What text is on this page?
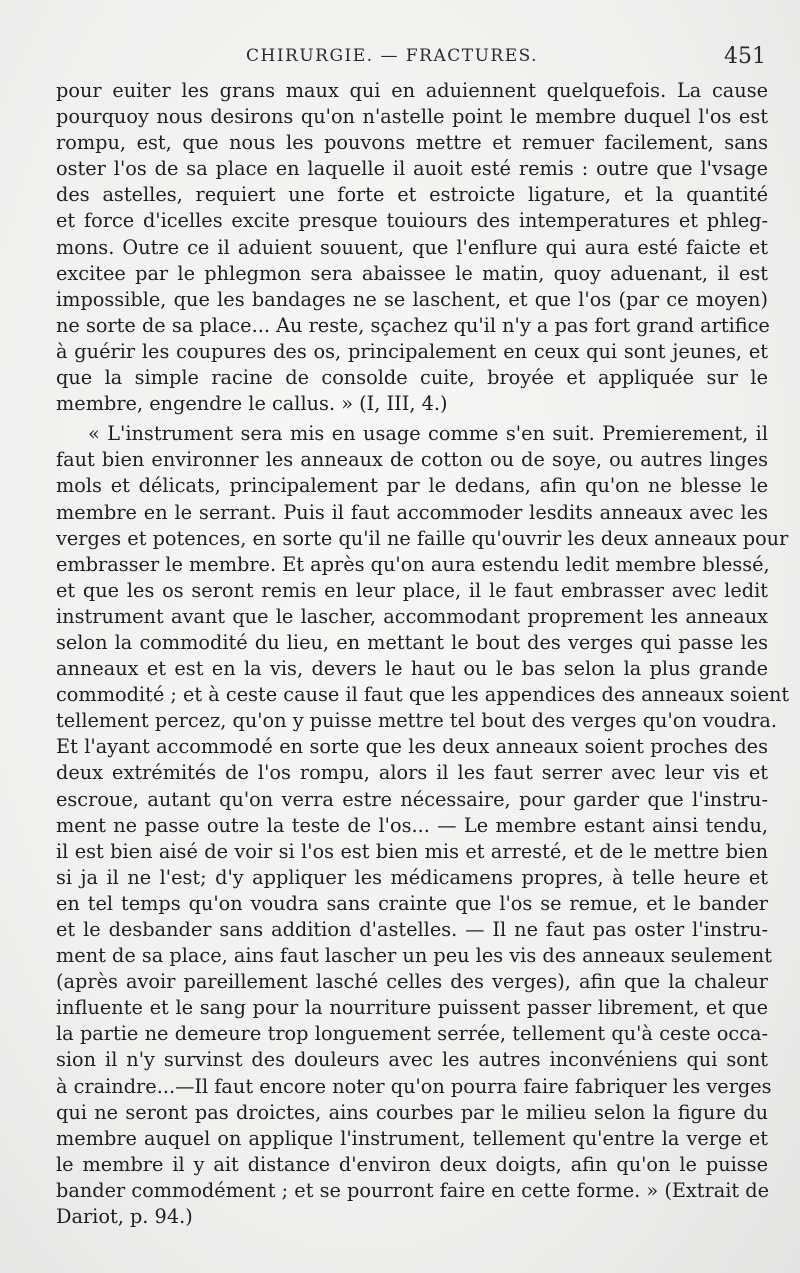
CHIRURGIE. — FRACTURES.	451
pour euiter les grans maux qui en aduiennent quelquefois. La cause
pourquoy nous desirons qu'on n'astelle point le membre duquel l'os est
rompu, est, que nous les pouvons mettre et remuer facilement, sans
oster l'os de sa place en laquelle il auoit esté remis : outre que l'vsage
des astelles, requiert une forte et estroicte ligature, et la quantité
et force d'icelles excite presque touiours des intemperatures et phleg-
mons. Outre ce il aduient souuent, que l'enflure qui aura esté faicte et
excitee par le phlegmon sera abaissee le matin, quoy aduenant, il est
impossible, que les bandages ne se laschent, et que l'os (par ce moyen)
ne sorte de sa place... Au reste, sçachez qu'il n'y a pas fort grand artifice
à guérir les coupures des os, principalement en ceux qui sont jeunes, et
que la simple racine de consolde cuite, broyée et appliquée sur le
membre, engendre le callus. » (I, III, 4.)
« L'instrument sera mis en usage comme s'en suit. Premierement, il
faut bien environner les anneaux de cotton ou de soye, ou autres linges
mols et délicats, principalement par le dedans, afin qu'on ne blesse le
membre en le serrant. Puis il faut accommoder lesdits anneaux avec les
verges et potences, en sorte qu'il ne faille qu'ouvrir les deux anneaux pour
embrasser le membre. Et après qu'on aura estendu ledit membre blessé,
et que les os seront remis en leur place, il le faut embrasser avec ledit
instrument avant que le lascher, accommodant proprement les anneaux
selon la commodité du lieu, en mettant le bout des verges qui passe les
anneaux et est en la vis, devers le haut ou le bas selon la plus grande
commodité ; et à ceste cause il faut que les appendices des anneaux soient
tellement percez, qu'on y puisse mettre tel bout des verges qu'on voudra.
Et l'ayant accommodé en sorte que les deux anneaux soient proches des
deux extrémités de l'os rompu, alors il les faut serrer avec leur vis et
escroue, autant qu'on verra estre nécessaire, pour garder que l'instru-
ment ne passe outre la teste de l'os... — Le membre estant ainsi tendu,
il est bien aisé de voir si l'os est bien mis et arresté, et de le mettre bien
si ja il ne l'est; d'y appliquer les médicamens propres, à telle heure et
en tel temps qu'on voudra sans crainte que l'os se remue, et le bander
et le desbander sans addition d'astelles. — Il ne faut pas oster l'instru-
ment de sa place, ains faut lascher un peu les vis des anneaux seulement
(après avoir pareillement lasché celles des verges), afin que la chaleur
influente et le sang pour la nourriture puissent passer librement, et que
la partie ne demeure trop longuement serrée, tellement qu'à ceste occa-
sion il n'y survinst des douleurs avec les autres inconvéniens qui sont
à craindre...—Il faut encore noter qu'on pourra faire fabriquer les verges
qui ne seront pas droictes, ains courbes par le milieu selon la figure du
membre auquel on applique l'instrument, tellement qu'entre la verge et
le membre il y ait distance d'environ deux doigts, afin qu'on le puisse
bander commodément ; et se pourront faire en cette forme. » (Extrait de
Dariot, p. 94.)
